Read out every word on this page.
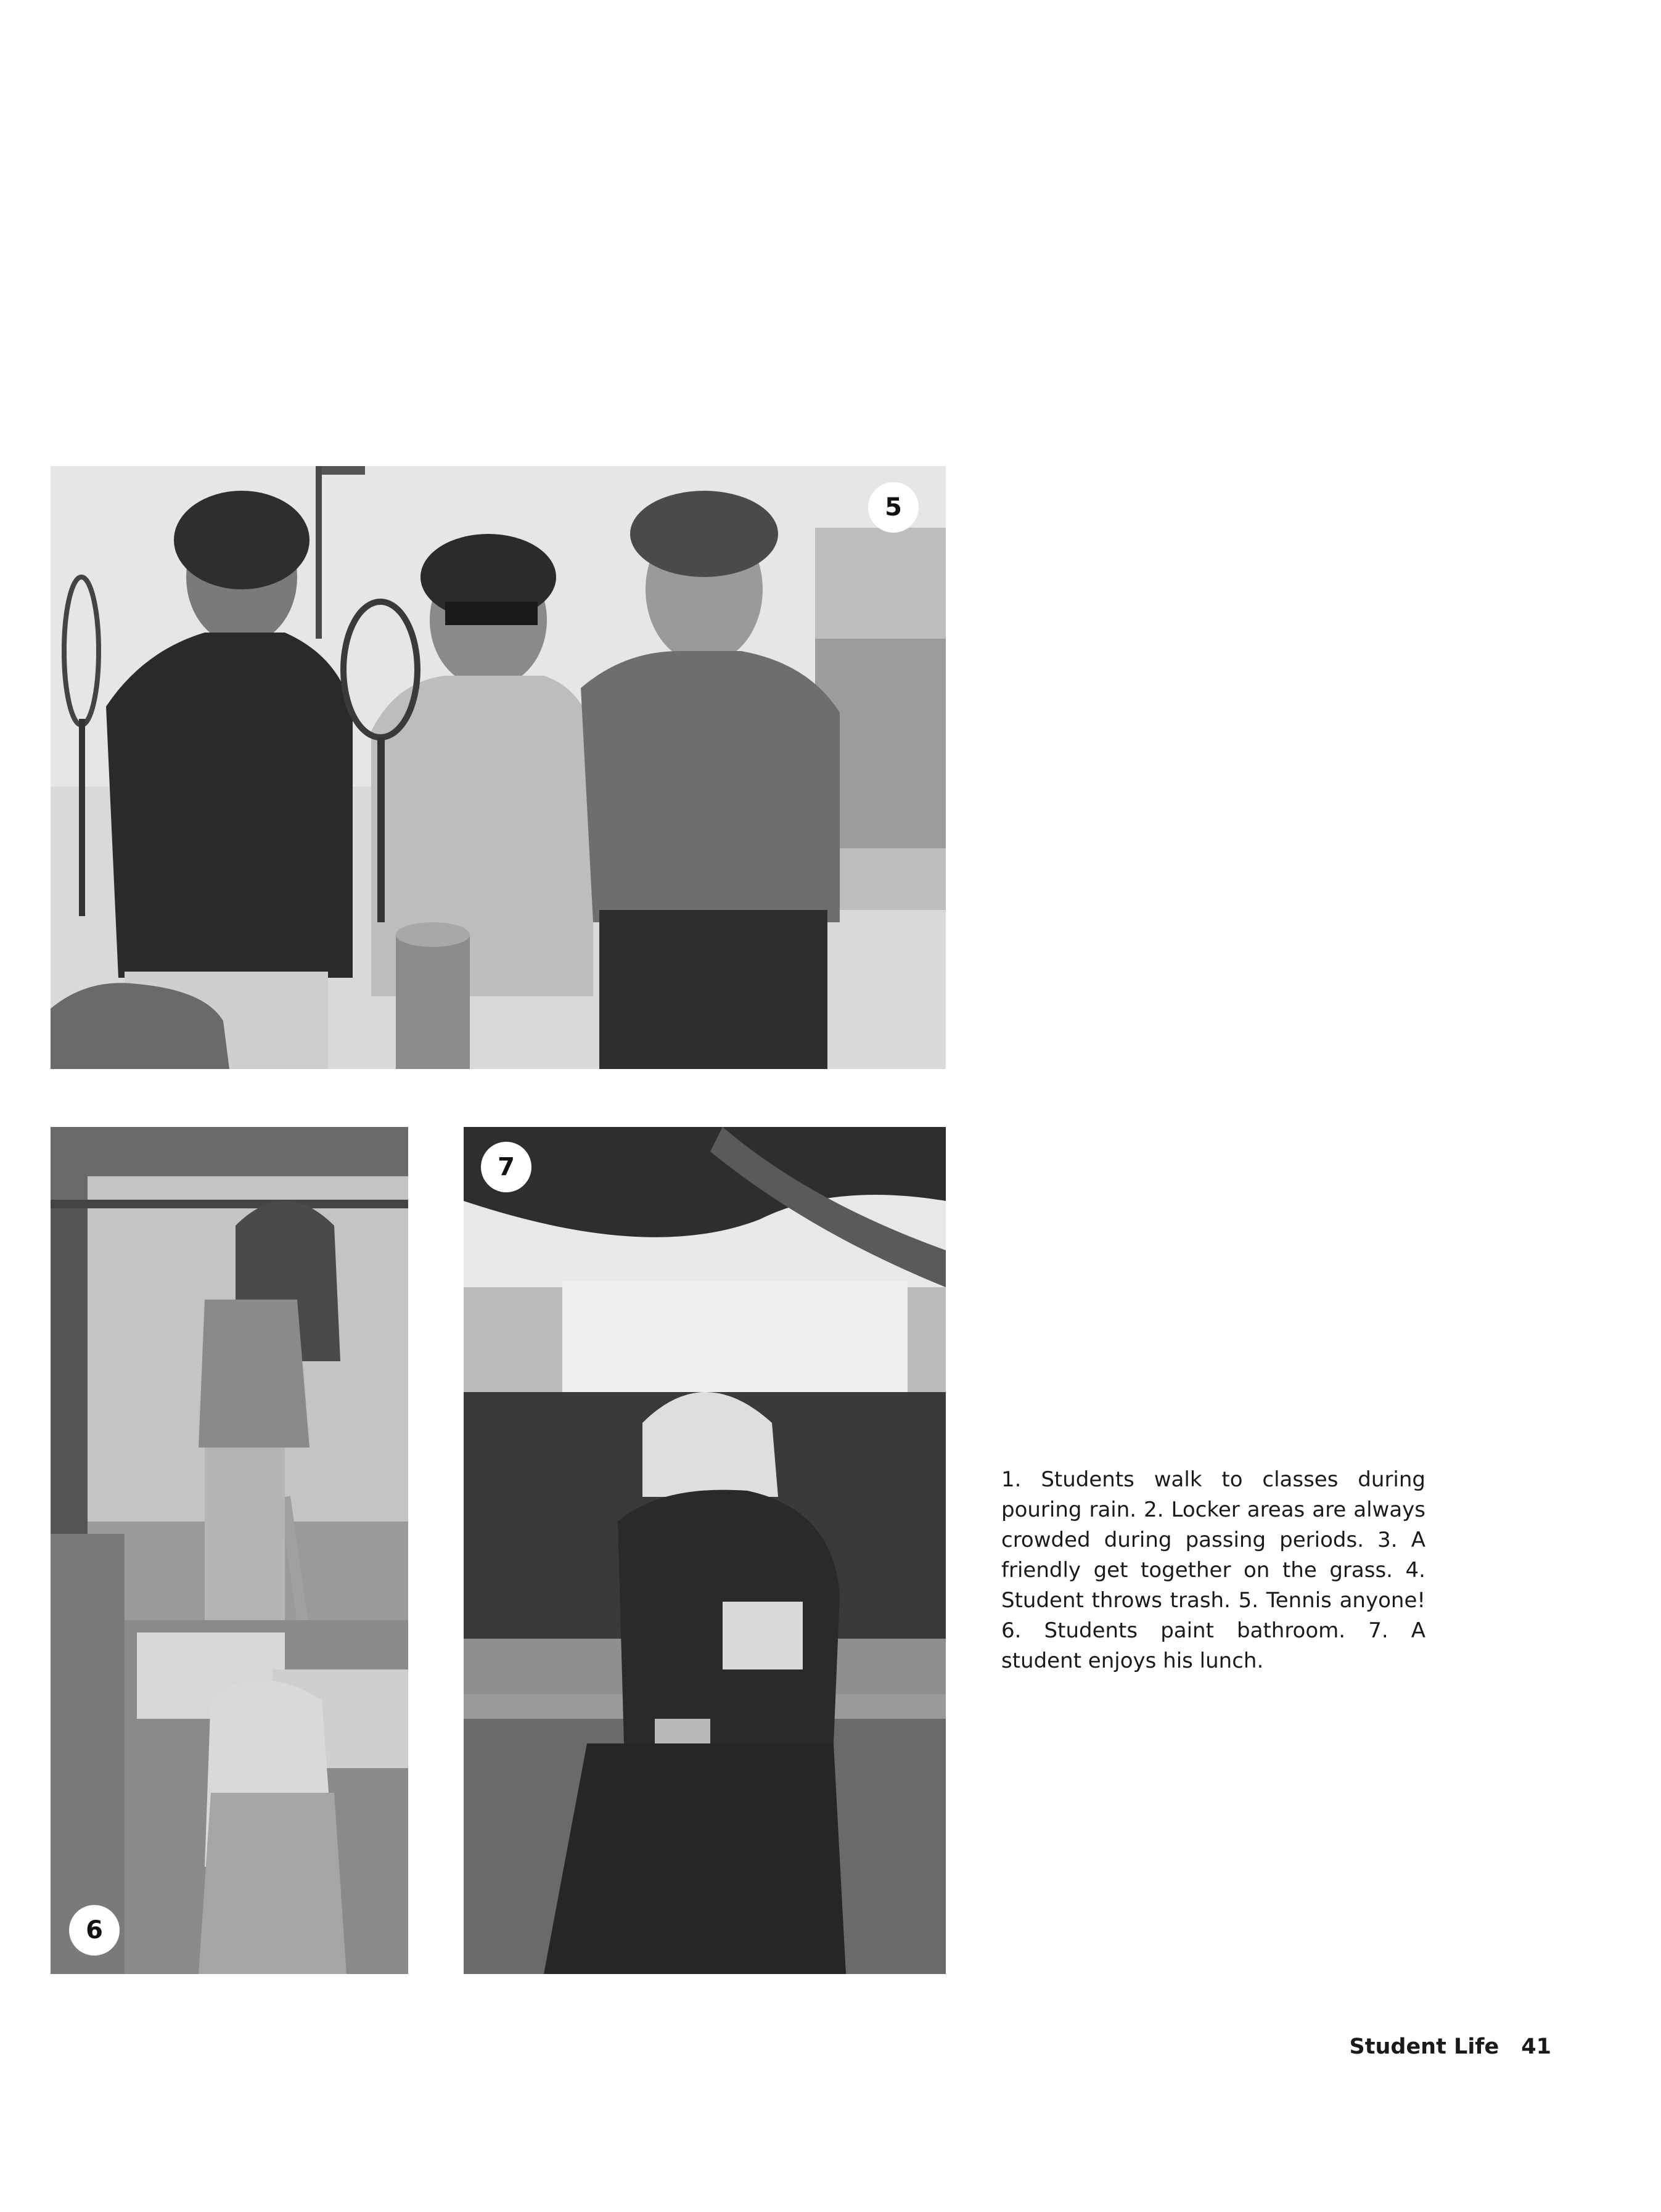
5
6
7
1. Students walk to classes during pouring rain. 2. Locker areas are always crowded during passing periods. 3. A friendly get together on the grass. 4. Student throws trash. 5. Tennis anyone! 6. Students paint bathroom. 7. A student enjoys his lunch.
Student Life 41
